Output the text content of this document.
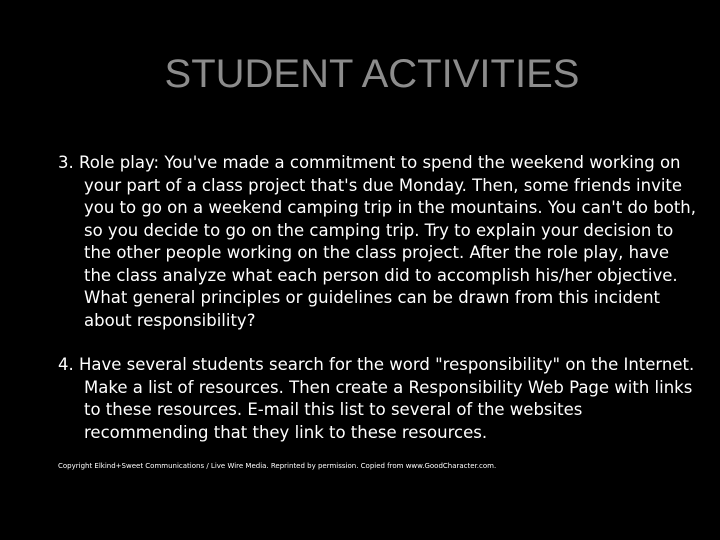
STUDENT ACTIVITIES

3. Role play: You've made a commitment to spend the weekend working on your part of a class project that's due Monday. Then, some friends invite you to go on a weekend camping trip in the mountains. You can't do both, so you decide to go on the camping trip. Try to explain your decision to the other people working on the class project. After the role play, have the class analyze what each person did to accomplish his/her objective. What general principles or guidelines can be drawn from this incident about responsibility?

4. Have several students search for the word "responsibility" on the Internet. Make a list of resources. Then create a Responsibility Web Page with links to these resources. E-mail this list to several of the websites recommending that they link to these resources.

Copyright Elkind+Sweet Communications / Live Wire Media. Reprinted by permission. Copied from www.GoodCharacter.com.
